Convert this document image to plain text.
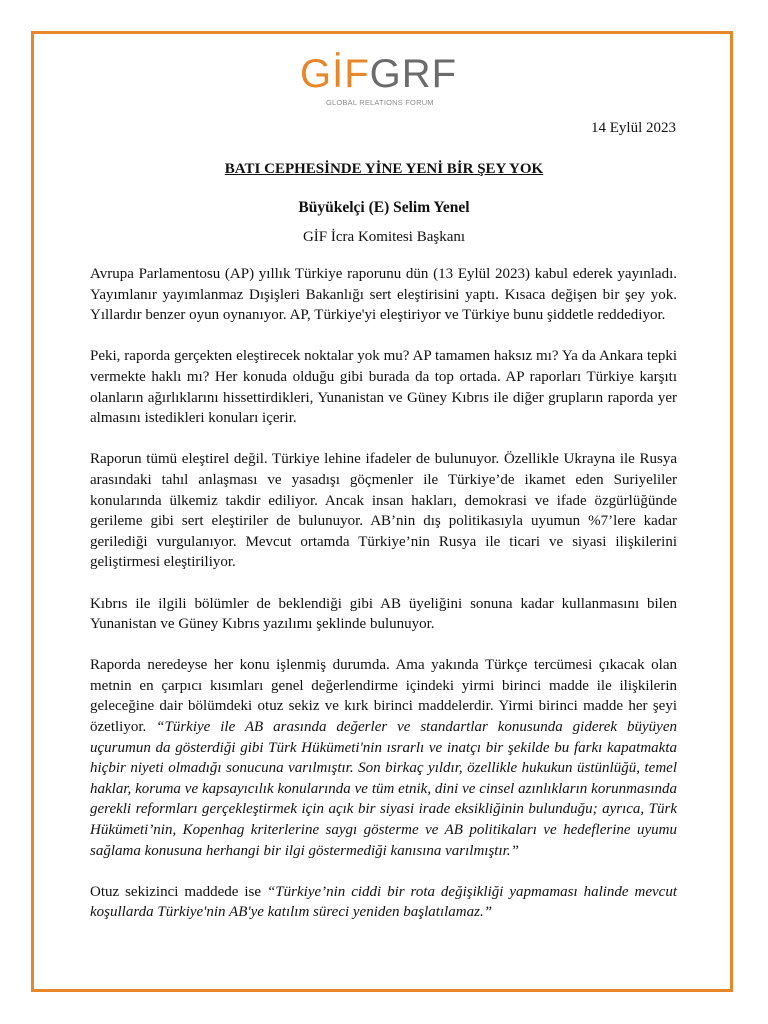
GİFGRF
GLOBAL RELATIONS FORUM
14 Eylül 2023
BATI CEPHESİNDE YİNE YENİ BİR ŞEY YOK
Büyükelçi (E) Selim Yenel
GİF İcra Komitesi Başkanı

Avrupa Parlamentosu (AP) yıllık Türkiye raporunu dün (13 Eylül 2023) kabul ederek yayınladı. Yayımlanır yayımlanmaz Dışişleri Bakanlığı sert eleştirisini yaptı. Kısaca değişen bir şey yok. Yıllardır benzer oyun oynanıyor. AP, Türkiye'yi eleştiriyor ve Türkiye bunu şiddetle reddediyor.

Peki, raporda gerçekten eleştirecek noktalar yok mu? AP tamamen haksız mı? Ya da Ankara tepki vermekte haklı mı? Her konuda olduğu gibi burada da top ortada. AP raporları Türkiye karşıtı olanların ağırlıklarını hissettirdikleri, Yunanistan ve Güney Kıbrıs ile diğer grupların raporda yer almasını istedikleri konuları içerir.

Raporun tümü eleştirel değil. Türkiye lehine ifadeler de bulunuyor. Özellikle Ukrayna ile Rusya arasındaki tahıl anlaşması ve yasadışı göçmenler ile Türkiye’de ikamet eden Suriyeliler konularında ülkemiz takdir ediliyor. Ancak insan hakları, demokrasi ve ifade özgürlüğünde gerileme gibi sert eleştiriler de bulunuyor. AB’nin dış politikasıyla uyumun %7’lere kadar gerilediği vurgulanıyor. Mevcut ortamda Türkiye’nin Rusya ile ticari ve siyasi ilişkilerini geliştirmesi eleştiriliyor.

Kıbrıs ile ilgili bölümler de beklendiği gibi AB üyeliğini sonuna kadar kullanmasını bilen Yunanistan ve Güney Kıbrıs yazılımı şeklinde bulunuyor.

Raporda neredeyse her konu işlenmiş durumda. Ama yakında Türkçe tercümesi çıkacak olan metnin en çarpıcı kısımları genel değerlendirme içindeki yirmi birinci madde ile ilişkilerin geleceğine dair bölümdeki otuz sekiz ve kırk birinci maddelerdir. Yirmi birinci madde her şeyi özetliyor. “Türkiye ile AB arasında değerler ve standartlar konusunda giderek büyüyen uçurumun da gösterdiği gibi Türk Hükümeti'nin ısrarlı ve inatçı bir şekilde bu farkı kapatmakta hiçbir niyeti olmadığı sonucuna varılmıştır. Son birkaç yıldır, özellikle hukukun üstünlüğü, temel haklar, koruma ve kapsayıcılık konularında ve tüm etnik, dini ve cinsel azınlıkların korunmasında gerekli reformları gerçekleştirmek için açık bir siyasi irade eksikliğinin bulunduğu; ayrıca, Türk Hükümeti’nin, Kopenhag kriterlerine saygı gösterme ve AB politikaları ve hedeflerine uyumu sağlama konusuna herhangi bir ilgi göstermediği kanısına varılmıştır.”

Otuz sekizinci maddede ise “Türkiye’nin ciddi bir rota değişikliği yapmaması halinde mevcut koşullarda Türkiye'nin AB'ye katılım süreci yeniden başlatılamaz.”
